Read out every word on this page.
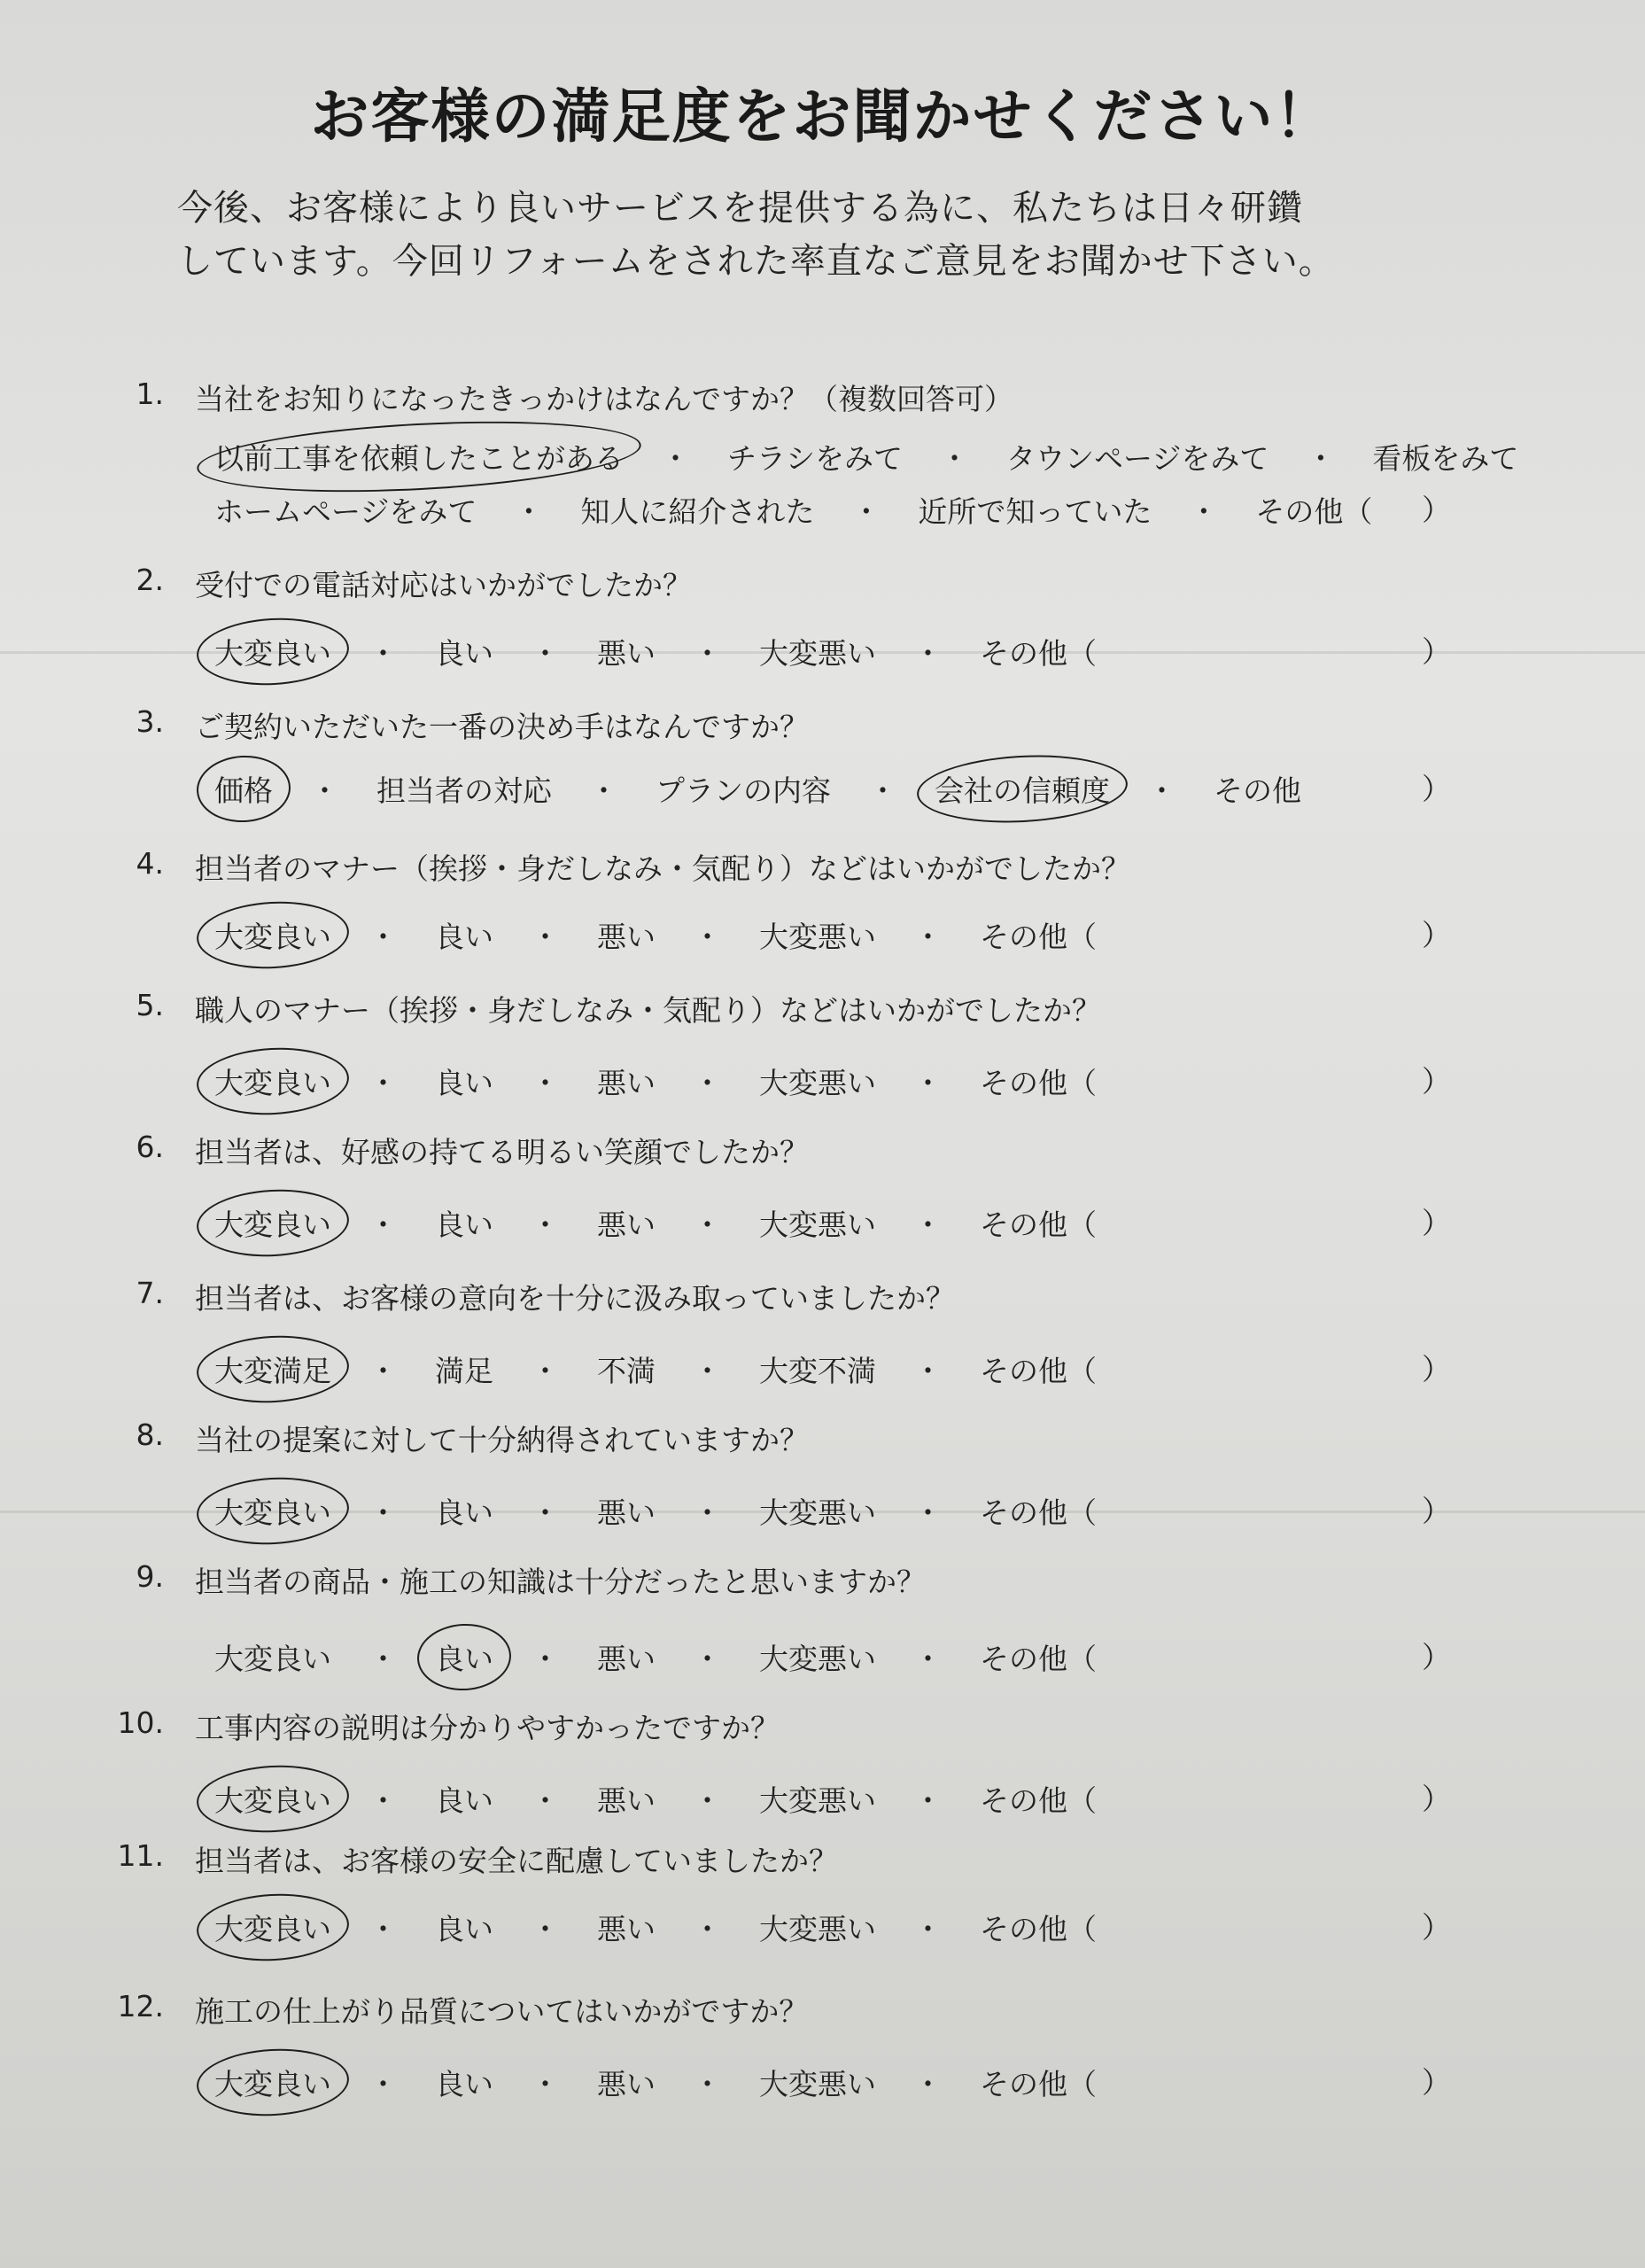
お客様の満足度をお聞かせください！
今後、お客様により良いサービスを提供する為に、私たちは日々研鑽
しています。今回リフォームをされた率直なご意見をお聞かせ下さい。
1. 当社をお知りになったきっかけはなんですか？（複数回答可）
以前工事を依頼したことがある	・	チラシをみて	・	タウンページをみて	・	看板をみて
ホームページをみて	・	知人に紹介された	・	近所で知っていた	・	その他（	）
2. 受付での電話対応はいかがでしたか？
大変良い	・	良い	・	悪い	・	大変悪い	・	その他（	）
3. ご契約いただいた一番の決め手はなんですか？
価格	・	担当者の対応	・	プランの内容	・	会社の信頼度	・	その他	）
4. 担当者のマナー（挨拶・身だしなみ・気配り）などはいかがでしたか？
大変良い	・	良い	・	悪い	・	大変悪い	・	その他（	）
5. 職人のマナー（挨拶・身だしなみ・気配り）などはいかがでしたか？
大変良い	・	良い	・	悪い	・	大変悪い	・	その他（	）
6. 担当者は、好感の持てる明るい笑顔でしたか？
大変良い	・	良い	・	悪い	・	大変悪い	・	その他（	）
7. 担当者は、お客様の意向を十分に汲み取っていましたか？
大変満足	・	満足	・	不満	・	大変不満	・	その他（	）
8. 当社の提案に対して十分納得されていますか？
大変良い	・	良い	・	悪い	・	大変悪い	・	その他（	）
9. 担当者の商品・施工の知識は十分だったと思いますか？
大変良い	・	良い	・	悪い	・	大変悪い	・	その他（	）
10. 工事内容の説明は分かりやすかったですか？
大変良い	・	良い	・	悪い	・	大変悪い	・	その他（	）
11. 担当者は、お客様の安全に配慮していましたか？
大変良い	・	良い	・	悪い	・	大変悪い	・	その他（	）
12. 施工の仕上がり品質についてはいかがですか？
大変良い	・	良い	・	悪い	・	大変悪い	・	その他（	）
